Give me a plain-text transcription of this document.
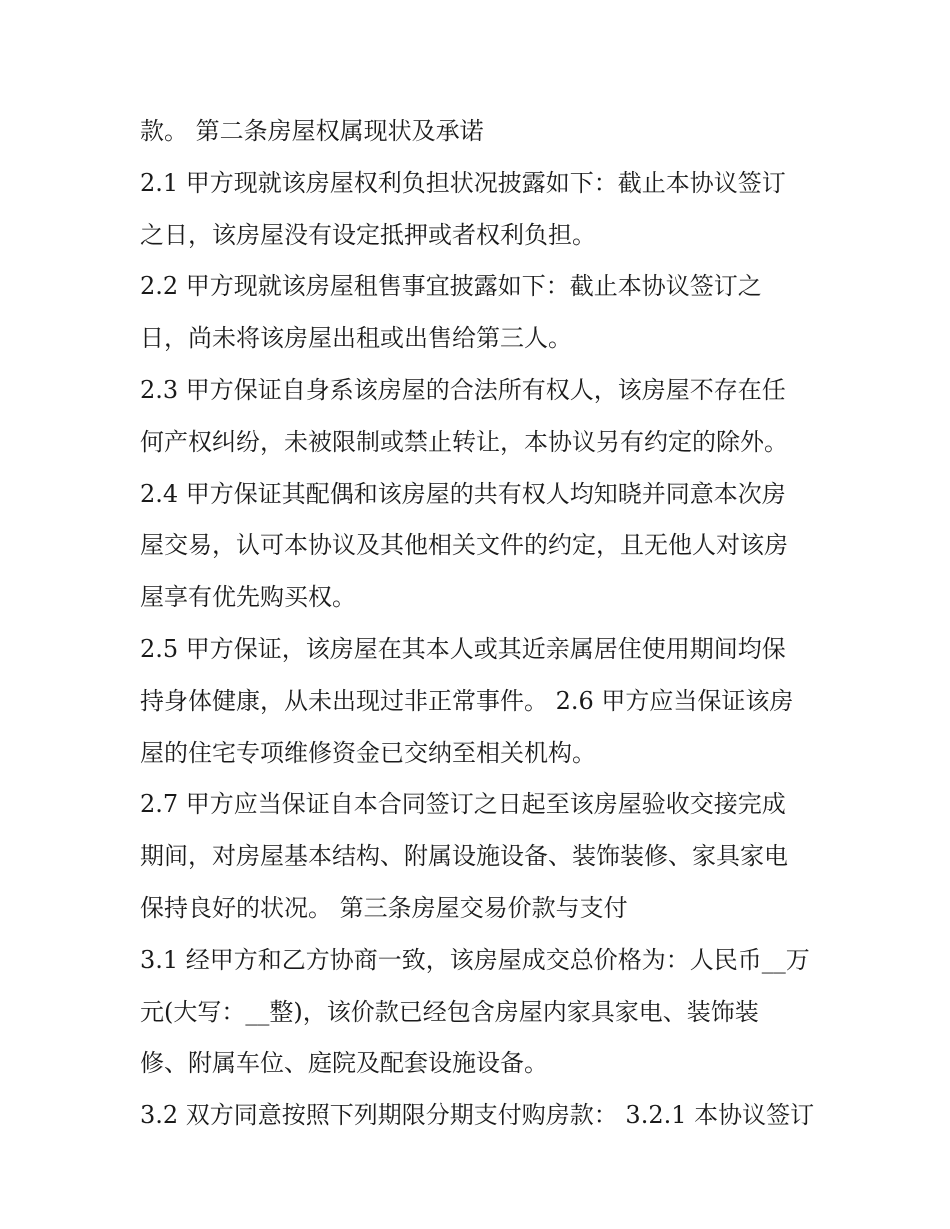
款。 第二条房屋权属现状及承诺
2.1 甲方现就该房屋权利负担状况披露如下：截止本协议签订
之日，该房屋没有设定抵押或者权利负担。
2.2 甲方现就该房屋租售事宜披露如下：截止本协议签订之
日，尚未将该房屋出租或出售给第三人。
2.3 甲方保证自身系该房屋的合法所有权人，该房屋不存在任
何产权纠纷，未被限制或禁止转让，本协议另有约定的除外。
2.4 甲方保证其配偶和该房屋的共有权人均知晓并同意本次房
屋交易，认可本协议及其他相关文件的约定，且无他人对该房
屋享有优先购买权。
2.5 甲方保证，该房屋在其本人或其近亲属居住使用期间均保
持身体健康，从未出现过非正常事件。 2.6 甲方应当保证该房
屋的住宅专项维修资金已交纳至相关机构。
2.7 甲方应当保证自本合同签订之日起至该房屋验收交接完成
期间，对房屋基本结构、附属设施设备、装饰装修、家具家电
保持良好的状况。 第三条房屋交易价款与支付
3.1 经甲方和乙方协商一致，该房屋成交总价格为：人民币__万
元(大写：__整)，该价款已经包含房屋内家具家电、装饰装
修、附属车位、庭院及配套设施设备。
3.2 双方同意按照下列期限分期支付购房款： 3.2.1 本协议签订
